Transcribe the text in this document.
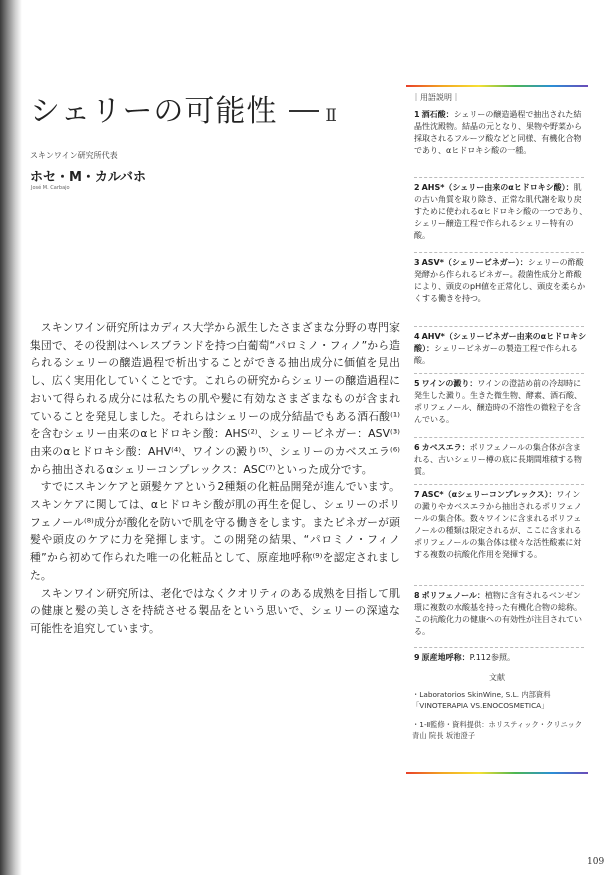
シェリーの可能性	Ⅱ
スキンワイン研究所代表
ホセ・M・カルバホ
José M. Carbajo

スキンワイン研究所はカディス大学から派生したさまざまな分野の専門家集団で、その役割はヘレスブランドを持つ白葡萄“パロミノ・フィノ”から造られるシェリーの醸造過程で析出することができる抽出成分に価値を見出し、広く実用化していくことです。これらの研究からシェリーの醸造過程において得られる成分には私たちの肌や髪に有効なさまざまなものが含まれていることを発見しました。それらはシェリーの成分結晶でもある酒石酸⁽¹⁾を含むシェリー由来のαヒドロキシ酸：AHS⁽²⁾、シェリービネガー：ASV⁽³⁾由来のαヒドロキシ酸：AHV⁽⁴⁾、ワインの澱り⁽⁵⁾、シェリーのカベスエラ⁽⁶⁾から抽出されるαシェリーコンプレックス：ASC⁽⁷⁾といった成分です。

すでにスキンケアと頭髪ケアという2種類の化粧品開発が進んでいます。スキンケアに関しては、αヒドロキシ酸が肌の再生を促し、シェリーのポリフェノール⁽⁸⁾成分が酸化を防いで肌を守る働きをします。またビネガーが頭髪や頭皮のケアに力を発揮します。この開発の結果、“パロミノ・フィノ種”から初めて作られた唯一の化粧品として、原産地呼称⁽⁹⁾を認定されました。

スキンワイン研究所は、老化ではなくクオリティのある成熟を目指して肌の健康と髪の美しさを持続させる製品をという思いで、シェリーの深遠な可能性を追究しています。

｜用語説明｜
1 酒石酸：シェリーの醸造過程で抽出された結晶性沈殿物。結晶の元となり、果物や野菜から採取されるフルーツ酸などと同様、有機化合物であり、αヒドロキシ酸の一種。
2 AHS*（シェリー由来のαヒドロキシ酸）：肌の古い角質を取り除き、正常な肌代謝を取り戻すために使われるαヒドロキシ酸の一つであり、シェリー醸造工程で作られるシェリー特有の酸。
3 ASV*（シェリービネガー）：シェリーの酢酸発酵から作られるビネガー。殺菌性成分と酢酸により、頭皮のpH値を正常化し、頭皮を柔らかくする働きを持つ。
4 AHV*（シェリービネガー由来のαヒドロキシ酸）：シェリービネガーの製造工程で作られる酸。
5 ワインの澱り：ワインの澄詰め前の冷却時に発生した澱り。生きた微生物、酵素、酒石酸、ポリフェノール、醸造時の不溶性の微粒子を含んでいる。
6 カベスエラ：ポリフェノールの集合体が含まれる、古いシェリー樽の底に長期間堆積する物質。
7 ASC*（αシェリーコンプレックス）：ワインの澱りやカベスエラから抽出されるポリフェノールの集合体。数々ワインに含まれるポリフェノールの種類は限定されるが、ここに含まれるポリフェノールの集合体は様々な活性酸素に対する複数の抗酸化作用を発揮する。
8 ポリフェノール：植物に含有されるベンゼン環に複数の水酸基を持った有機化合物の総称。この抗酸化力の健康への有効性が注目されている。
9 原産地呼称：P.112参照。
文献
・Laboratorios SkinWine, S.L. 内部資料「VINOTERAPIA VS.ENOCOSMETICA」
・1-Ⅱ監修・資料提供：ホリスティック・クリニック青山 院長 坂池澄子
109
